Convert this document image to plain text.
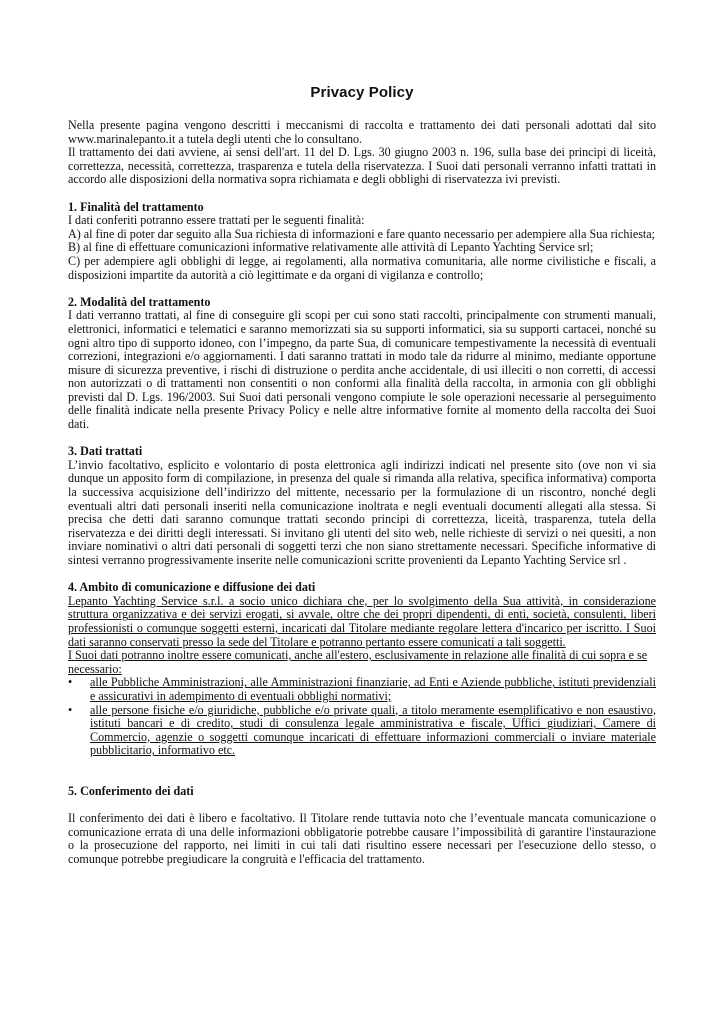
Privacy Policy

Nella presente pagina vengono descritti i meccanismi di raccolta e trattamento dei dati personali adottati dal sito www.marinalepanto.it a tutela degli utenti che lo consultano.

Il trattamento dei dati avviene, ai sensi dell'art. 11 del D. Lgs. 30 giugno 2003 n. 196, sulla base dei principi di liceità, correttezza, necessità, correttezza, trasparenza e tutela della riservatezza. I Suoi dati personali verranno infatti trattati in accordo alle disposizioni della normativa sopra richiamata e degli obblighi di riservatezza ivi previsti.

1. Finalità del trattamento

I dati conferiti potranno essere trattati per le seguenti finalità:

A) al fine di poter dar seguito alla Sua richiesta di informazioni e fare quanto necessario per adempiere alla Sua richiesta;

B) al fine di effettuare comunicazioni informative relativamente alle attività di Lepanto Yachting Service srl;

C) per adempiere agli obblighi di legge, ai regolamenti, alla normativa comunitaria, alle norme civilistiche e fiscali, a disposizioni impartite da autorità a ciò legittimate e da organi di vigilanza e controllo;

2. Modalità del trattamento

I dati verranno trattati, al fine di conseguire gli scopi per cui sono stati raccolti, principalmente con strumenti manuali, elettronici, informatici e telematici e saranno memorizzati sia su supporti informatici, sia su supporti cartacei, nonché su ogni altro tipo di supporto idoneo, con l’impegno, da parte Sua, di comunicare tempestivamente la necessità di eventuali correzioni, integrazioni e/o aggiornamenti. I dati saranno trattati in modo tale da ridurre al minimo, mediante opportune misure di sicurezza preventive, i rischi di distruzione o perdita anche accidentale, di usi illeciti o non corretti, di accessi non autorizzati o di trattamenti non consentiti o non conformi alla finalità della raccolta, in armonia con gli obblighi previsti dal D. Lgs. 196/2003. Sui Suoi dati personali vengono compiute le sole operazioni necessarie al perseguimento delle finalità indicate nella presente Privacy Policy e nelle altre informative fornite al momento della raccolta dei Suoi dati.

3. Dati trattati

L’invio facoltativo, esplicito e volontario di posta elettronica agli indirizzi indicati nel presente sito (ove non vi sia dunque un apposito form di compilazione, in presenza del quale si rimanda alla relativa, specifica informativa) comporta la successiva acquisizione dell’indirizzo del mittente, necessario per la formulazione di un riscontro, nonché degli eventuali altri dati personali inseriti nella comunicazione inoltrata e negli eventuali documenti allegati alla stessa. Si precisa che detti dati saranno comunque trattati secondo principi di correttezza, liceità, trasparenza, tutela della riservatezza e dei diritti degli interessati. Si invitano gli utenti del sito web, nelle richieste di servizi o nei quesiti, a non inviare nominativi o altri dati personali di soggetti terzi che non siano strettamente necessari. Specifiche informative di sintesi verranno progressivamente inserite nelle comunicazioni scritte provenienti da Lepanto Yachting Service srl .

4. Ambito di comunicazione e diffusione dei dati

Lepanto Yachting Service s.r.l. a socio unico dichiara che, per lo svolgimento della Sua attività, in considerazione struttura organizzativa e dei servizi erogati, si avvale, oltre che dei propri dipendenti, di enti, società, consulenti, liberi professionisti o comunque soggetti esterni, incaricati dal Titolare mediante regolare lettera d'incarico per iscritto. I Suoi dati saranno conservati presso la sede del Titolare e potranno pertanto essere comunicati a tali soggetti.

I Suoi dati potranno inoltre essere comunicati, anche all'estero, esclusivamente in relazione alle finalità di cui sopra e se necessario:

• alle Pubbliche Amministrazioni, alle Amministrazioni finanziarie, ad Enti e Aziende pubbliche, istituti previdenziali e assicurativi in adempimento di eventuali obblighi normativi;
• alle persone fisiche e/o giuridiche, pubbliche e/o private quali, a titolo meramente esemplificativo e non esaustivo, istituti bancari e di credito, studi di consulenza legale amministrativa e fiscale, Uffici giudiziari, Camere di Commercio, agenzie o soggetti comunque incaricati di effettuare informazioni commerciali o inviare materiale pubblicitario, informativo etc.

5. Conferimento dei dati

Il conferimento dei dati è libero e facoltativo. Il Titolare rende tuttavia noto che l’eventuale mancata comunicazione o comunicazione errata di una delle informazioni obbligatorie potrebbe causare l’impossibilità di garantire l'instaurazione o la prosecuzione del rapporto, nei limiti in cui tali dati risultino essere necessari per l'esecuzione dello stesso, o comunque potrebbe pregiudicare la congruità e l'efficacia del trattamento.
